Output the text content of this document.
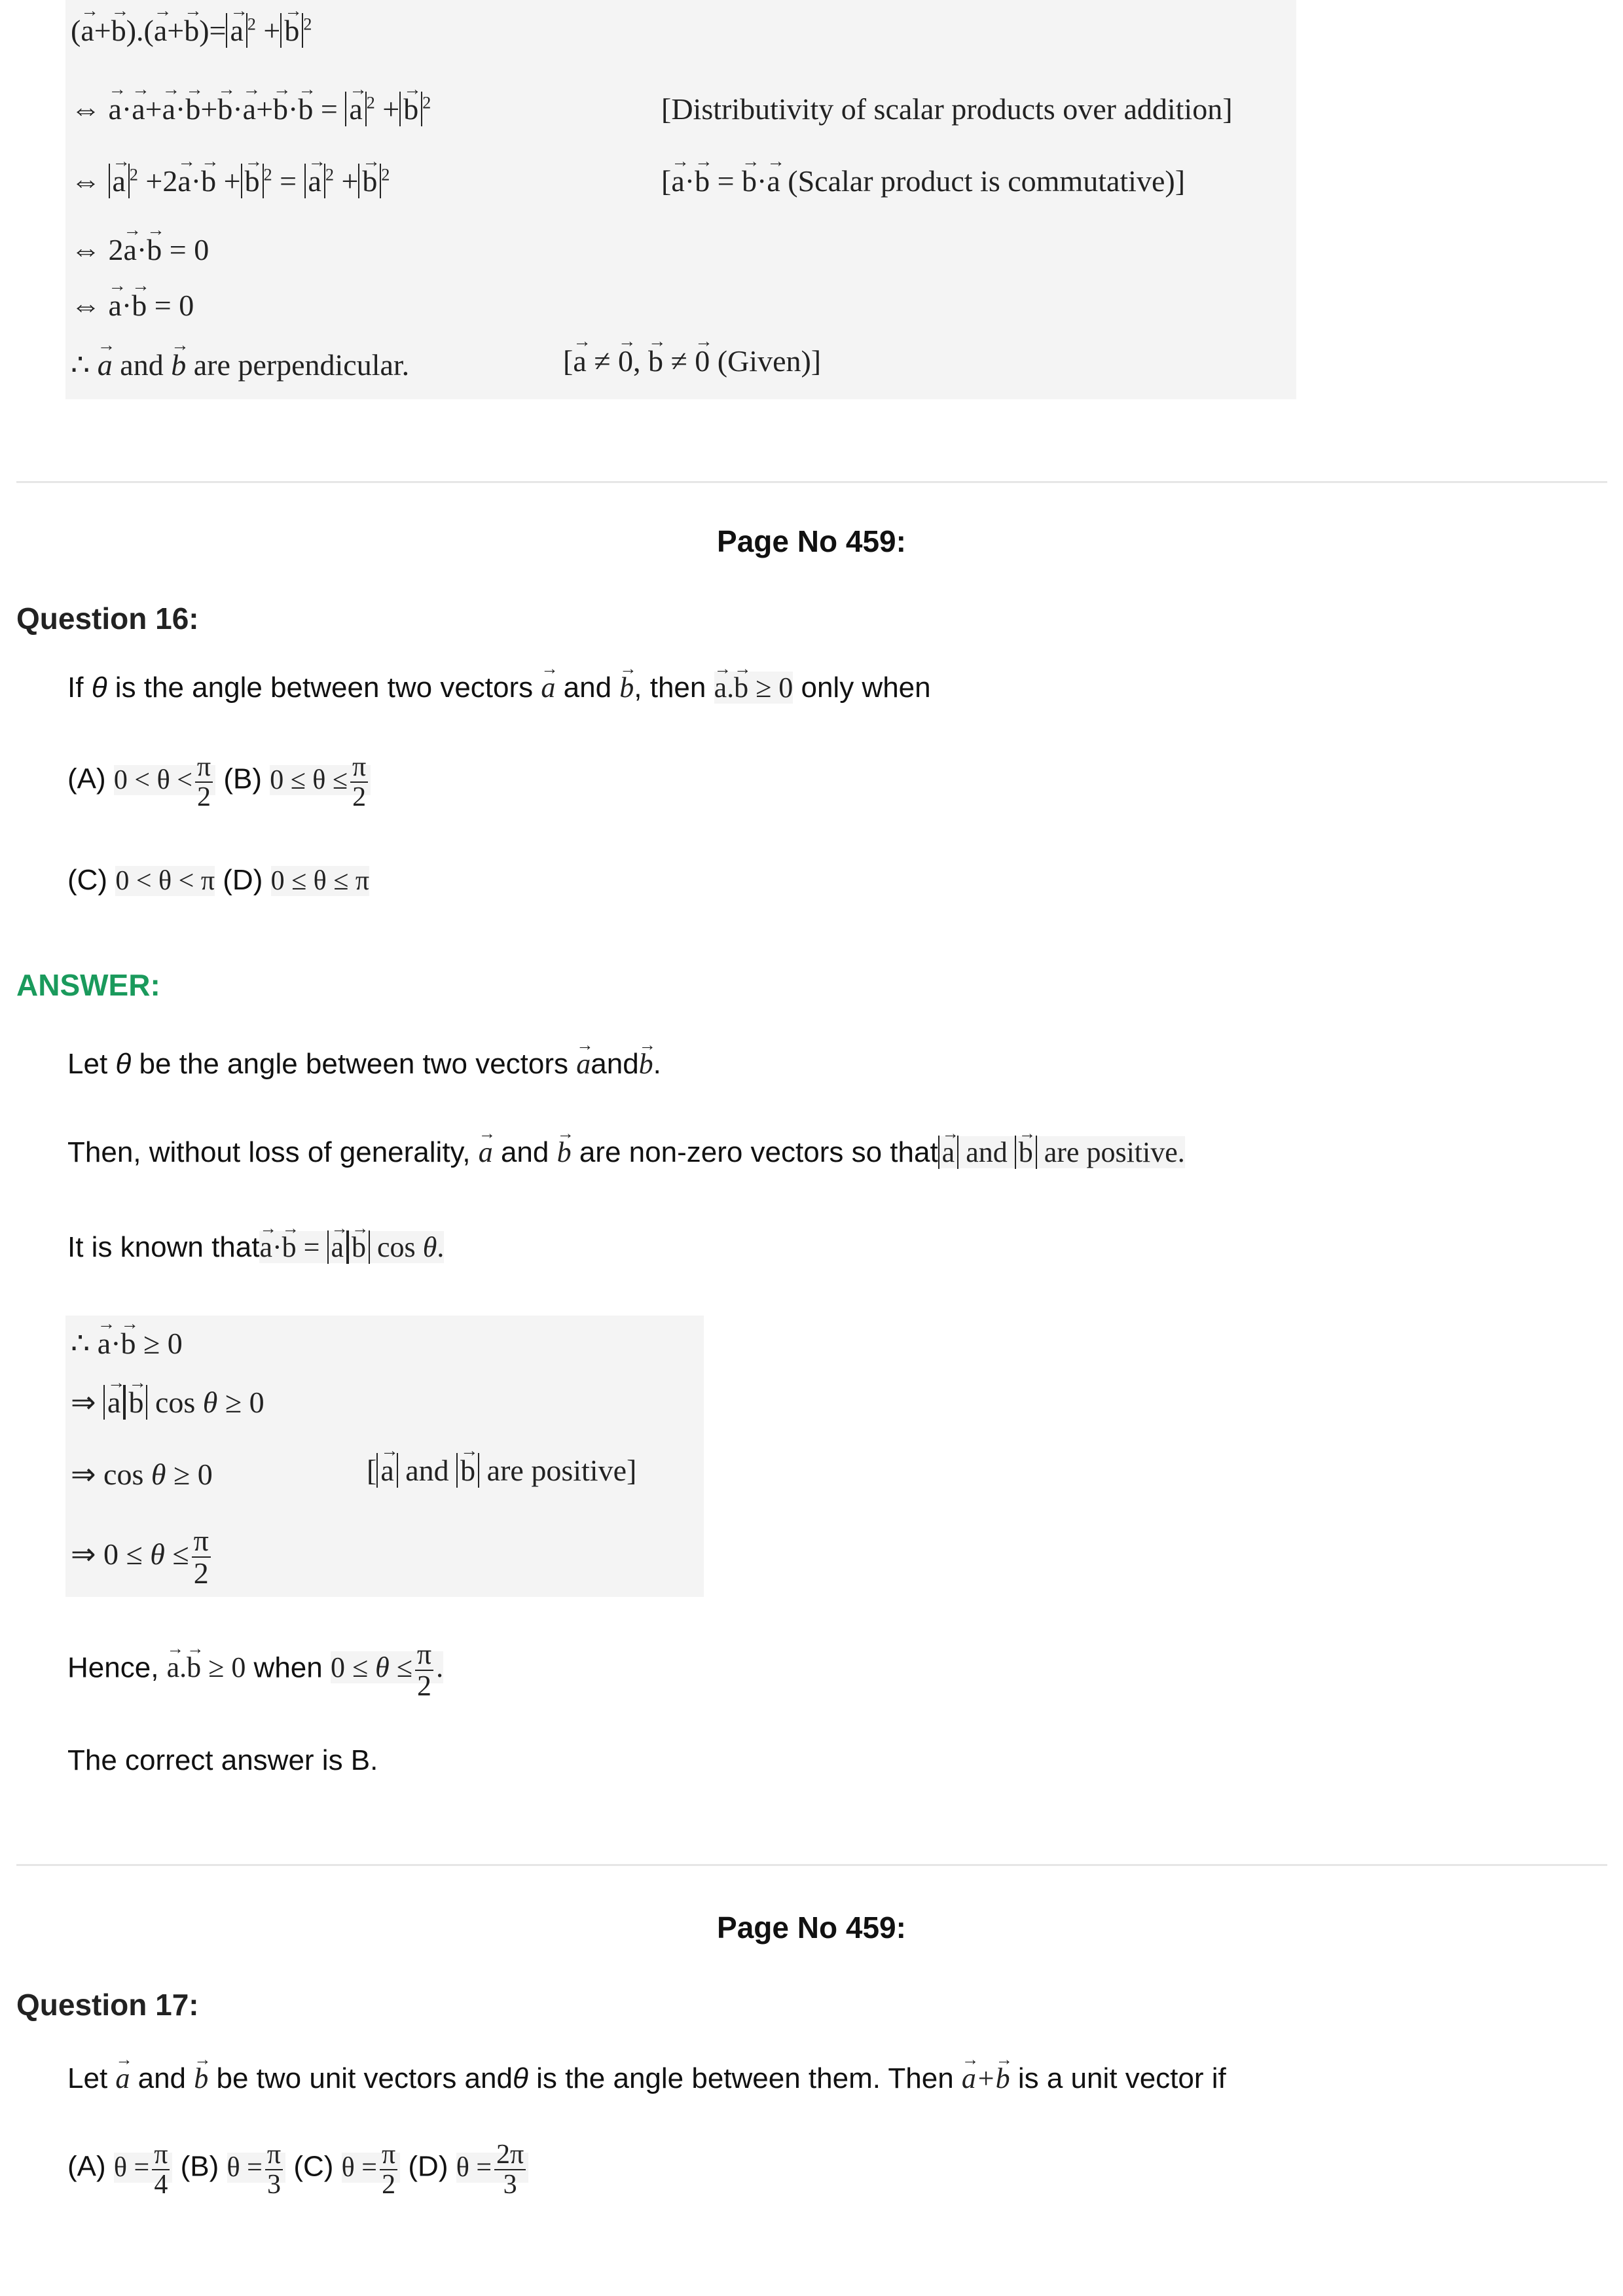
(→ a+→ b).(→ a+→ b)= → a $^2$ + → b $^2$
⇔ → a·→ a+→ a·→ b+→ b·→ a+→ b·→ b = → a $^2$ + → b $^2$	[Distributivity of scalar products over addition]
⇔ → a $^2$ +2→ a·→ b + → b $^2$ = → a $^2$ + → b $^2$	[→ a·→ b = → b·→ a (Scalar product is commutative)]
⇔ 2→ a·→ b = 0
⇔ → a·→ b = 0
∴ → a and → b are perpendicular.	[→ a ≠ → 0, → b ≠ → 0 (Given)]
Page No 459:
Question 16:
If θ is the angle between two vectors → a and → b, then → a.→ b ≥ 0 only when
(A) $0 < \theta < \frac{\pi}{2} (B) 0 \le \theta \le \frac{\pi}{2}$
(C) 0 < θ < π (D) 0 ≤ θ ≤ π
ANSWER:
Let θ be the angle between two vectors → aand→ b.
Then, without loss of generality, → a and → b are non-zero vectors so that → a and → b are positive.
It is known that→ a·→ b = → a → b cos θ.
∴ → a·→ b ≥ 0
⇒ → a → b cos θ ≥ 0
⇒ cos θ ≥ 0	[ → a and → b are positive]
⇒ $0 \le \theta \le \frac{\pi}{2}$
Hence, → a.→ b ≥ 0 when $0 \le \theta \le \frac{\pi}{2}$ .
The correct answer is B.
Page No 459:
Question 17:
Let → a and → b be two unit vectors andθ is the angle between them. Then → a+→ b is a unit vector if
(A) $\theta = \frac{\pi}{4} (B) \theta = \frac{\pi}{3} (C) \theta = \frac{\pi}{2} (D) \theta = \frac{2\pi}{3}$
